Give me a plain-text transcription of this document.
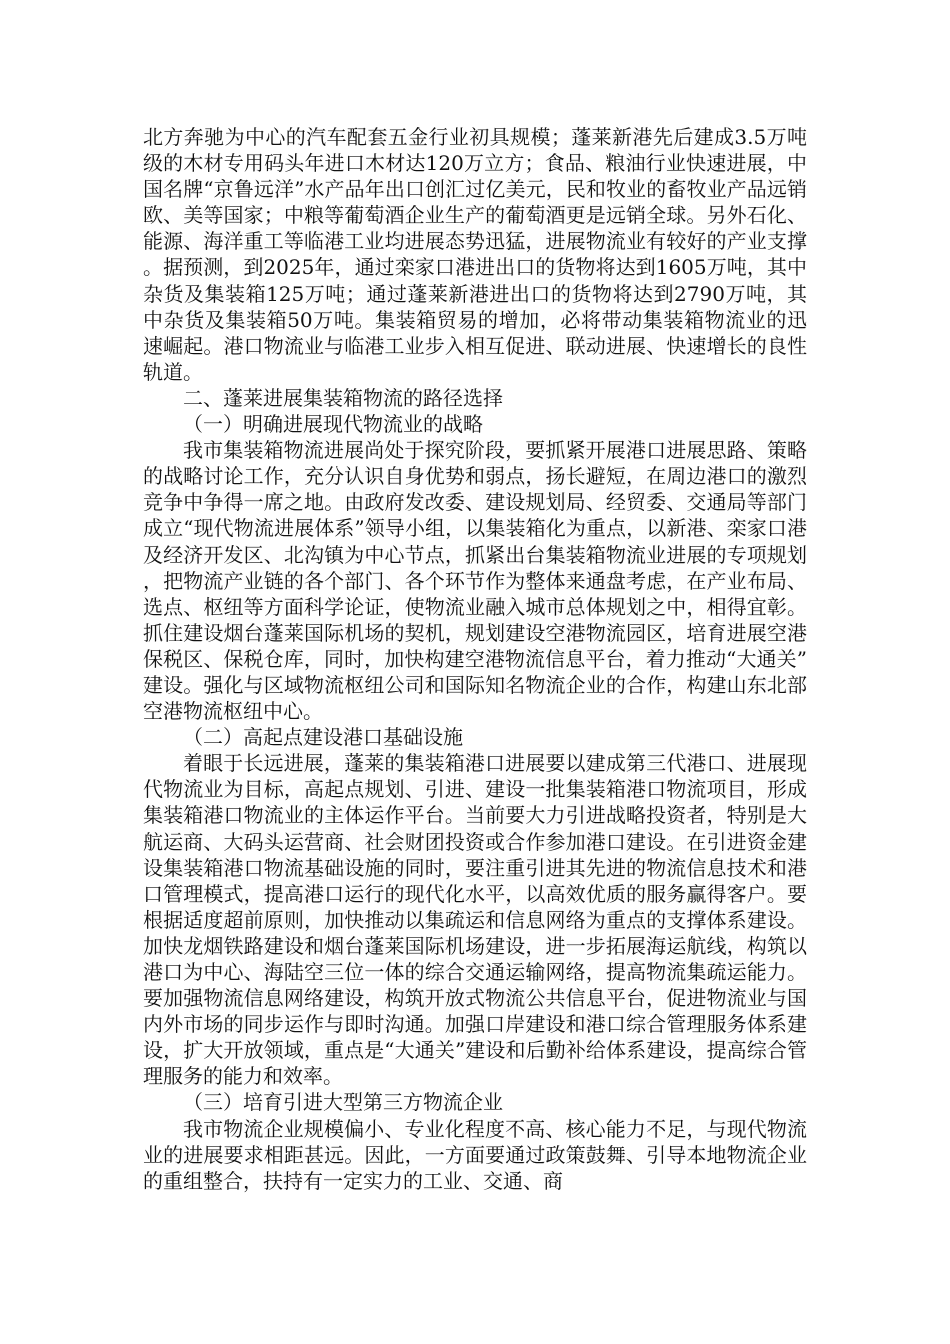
北方奔驰为中心的汽车配套五金行业初具规模；蓬莱新港先后建成3.5万吨级的木材专用码头年进口木材达120万立方；食品、粮油行业快速进展，中国名牌“京鲁远洋”水产品年出口创汇过亿美元，民和牧业的畜牧业产品远销欧、美等国家；中粮等葡萄酒企业生产的葡萄酒更是远销全球。另外石化、能源、海洋重工等临港工业均进展态势迅猛，进展物流业有较好的产业支撑。据预测，到2025年，通过栾家口港进出口的货物将达到1605万吨，其中杂货及集装箱125万吨；通过蓬莱新港进出口的货物将达到2790万吨，其中杂货及集装箱50万吨。集装箱贸易的增加，必将带动集装箱物流业的迅速崛起。港口物流业与临港工业步入相互促进、联动进展、快速增长的良性轨道。

二、蓬莱进展集装箱物流的路径选择

（一）明确进展现代物流业的战略

我市集装箱物流进展尚处于探究阶段，要抓紧开展港口进展思路、策略的战略讨论工作，充分认识自身优势和弱点，扬长避短，在周边港口的激烈竞争中争得一席之地。由政府发改委、建设规划局、经贸委、交通局等部门成立“现代物流进展体系”领导小组，以集装箱化为重点，以新港、栾家口港及经济开发区、北沟镇为中心节点，抓紧出台集装箱物流业进展的专项规划，把物流产业链的各个部门、各个环节作为整体来通盘考虑，在产业布局、选点、枢纽等方面科学论证，使物流业融入城市总体规划之中，相得宜彰。抓住建设烟台蓬莱国际机场的契机，规划建设空港物流园区，培育进展空港保税区、保税仓库，同时，加快构建空港物流信息平台，着力推动“大通关”建设。强化与区域物流枢纽公司和国际知名物流企业的合作，构建山东北部空港物流枢纽中心。

（二）高起点建设港口基础设施

着眼于长远进展，蓬莱的集装箱港口进展要以建成第三代港口、进展现代物流业为目标，高起点规划、引进、建设一批集装箱港口物流项目，形成集装箱港口物流业的主体运作平台。当前要大力引进战略投资者，特别是大航运商、大码头运营商、社会财团投资或合作参加港口建设。在引进资金建设集装箱港口物流基础设施的同时，要注重引进其先进的物流信息技术和港口管理模式，提高港口运行的现代化水平，以高效优质的服务赢得客户。要根据适度超前原则，加快推动以集疏运和信息网络为重点的支撑体系建设。加快龙烟铁路建设和烟台蓬莱国际机场建设，进一步拓展海运航线，构筑以港口为中心、海陆空三位一体的综合交通运输网络，提高物流集疏运能力。要加强物流信息网络建设，构筑开放式物流公共信息平台，促进物流业与国内外市场的同步运作与即时沟通。加强口岸建设和港口综合管理服务体系建设，扩大开放领域，重点是“大通关”建设和后勤补给体系建设，提高综合管理服务的能力和效率。

（三）培育引进大型第三方物流企业

我市物流企业规模偏小、专业化程度不高、核心能力不足，与现代物流业的进展要求相距甚远。因此，一方面要通过政策鼓舞、引导本地物流企业的重组整合，扶持有一定实力的工业、交通、商
